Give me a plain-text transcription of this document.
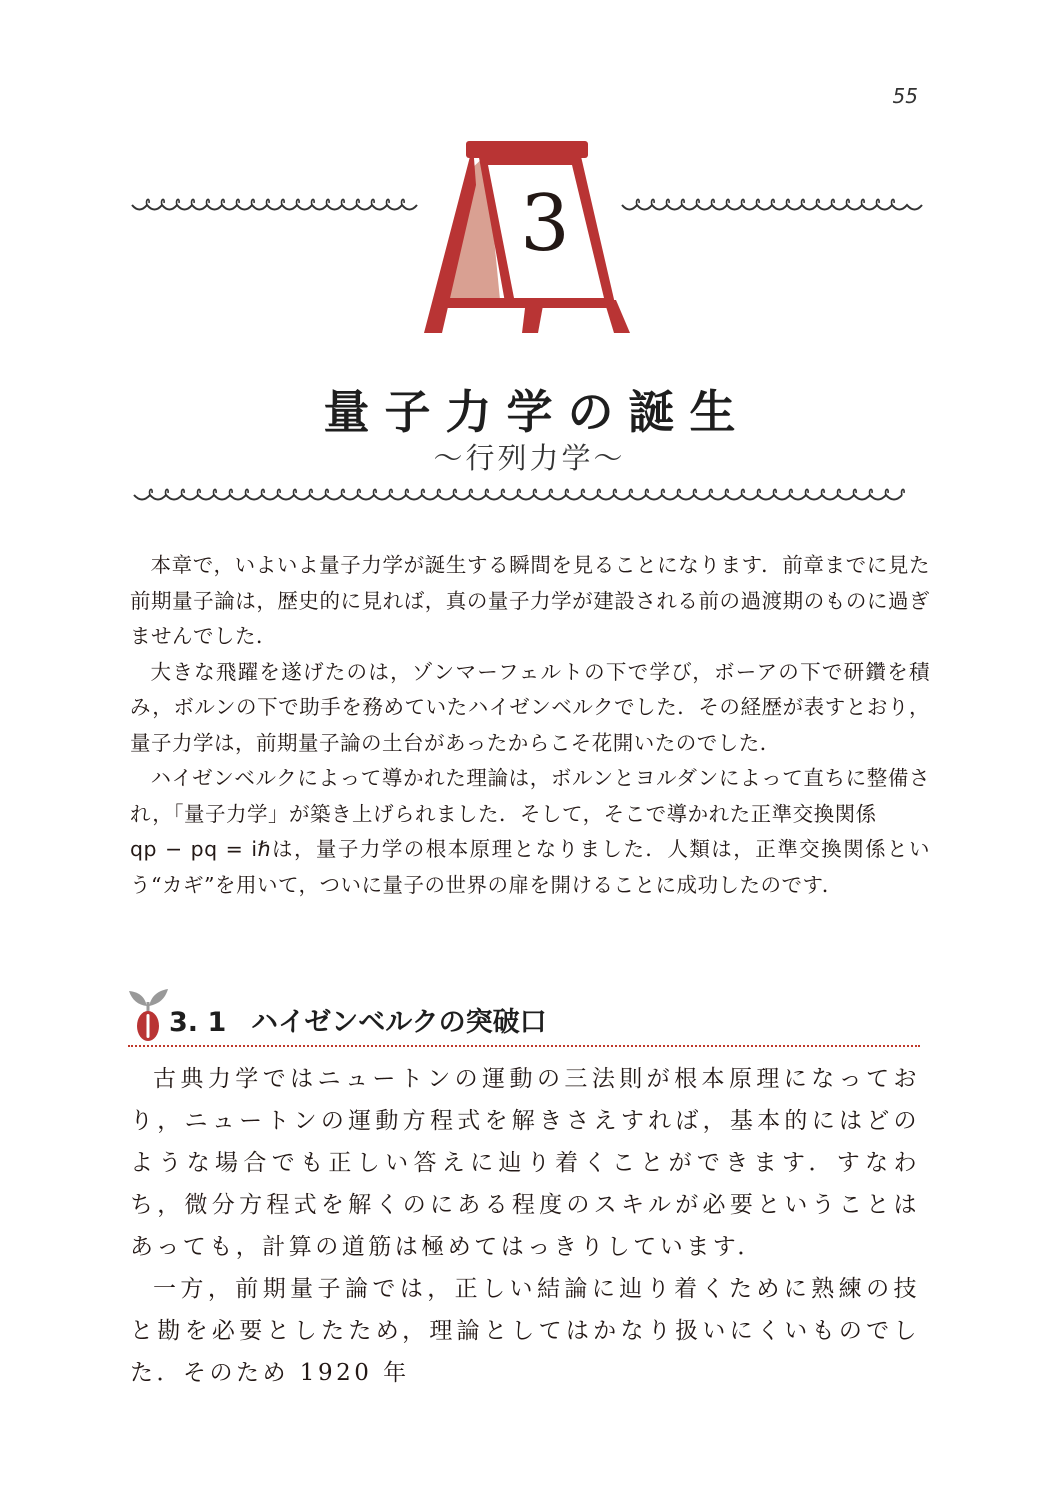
55
3
量子力学の誕生
〜行列力学〜

本章で，いよいよ量子力学が誕生する瞬間を見ることになります．前章までに見た前期量子論は，歴史的に見れば，真の量子力学が建設される前の過渡期のものに過ぎませんでした．

大きな飛躍を遂げたのは，ゾンマーフェルトの下で学び，ボーアの下で研鑽を積み，ボルンの下で助手を務めていたハイゼンベルクでした．その経歴が表すとおり，量子力学は，前期量子論の土台があったからこそ花開いたのでした．

ハイゼンベルクによって導かれた理論は，ボルンとヨルダンによって直ちに整備され，「量子力学」が築き上げられました．そして，そこで導かれた正準交換関係
qp − pq = iℏは，量子力学の根本原理となりました．人類は，正準交換関係という“カギ”を用いて，ついに量子の世界の扉を開けることに成功したのです．

3. 1 ハイゼンベルクの突破口

古典力学ではニュートンの運動の三法則が根本原理になっており，ニュートンの運動方程式を解きさえすれば，基本的にはどのような場合でも正しい答えに辿り着くことができます．すなわち，微分方程式を解くのにある程度のスキルが必要ということはあっても，計算の道筋は極めてはっきりしています．

一方，前期量子論では，正しい結論に辿り着くために熟練の技と勘を必要としたため，理論としてはかなり扱いにくいものでした．そのため 1920 年
